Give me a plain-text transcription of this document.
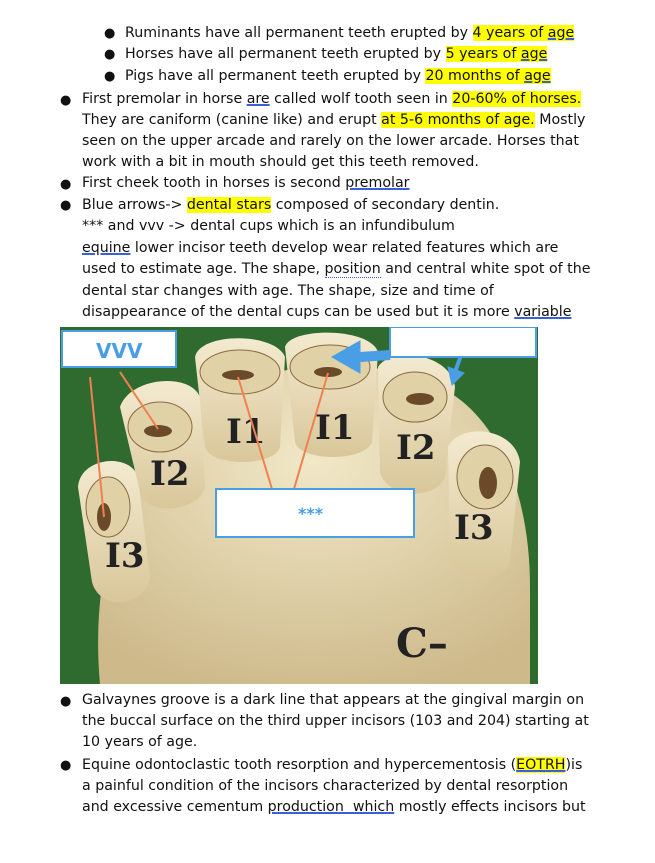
● Ruminants have all permanent teeth erupted by 4 years of age
● Horses have all permanent teeth erupted by 5 years of age
● Pigs have all permanent teeth erupted by 20 months of age
● First premolar in horse are called wolf tooth seen in 20-60% of horses.
They are caniform (canine like) and erupt at 5-6 months of age. Mostly
seen on the upper arcade and rarely on the lower arcade. Horses that
work with a bit in mouth should get this teeth removed.
● First cheek tooth in horses is second premolar
● Blue arrows-> dental stars composed of secondary dentin.
*** and vvv -> dental cups which is an infundibulum
equine lower incisor teeth develop wear related features which are
used to estimate age. The shape, position and central white spot of the
dental star changes with age. The shape, size and time of
disappearance of the dental cups can be used but it is more variable
I1 I1
I2
I2
I3
I3
C–
VVV
***
● Galvaynes groove is a dark line that appears at the gingival margin on
the buccal surface on the third upper incisors (103 and 204) starting at
10 years of age.
● Equine odontoclastic tooth resorption and hypercementosis (EOTRH)is
a painful condition of the incisors characterized by dental resorption
and excessive cementum production  which mostly effects incisors but
